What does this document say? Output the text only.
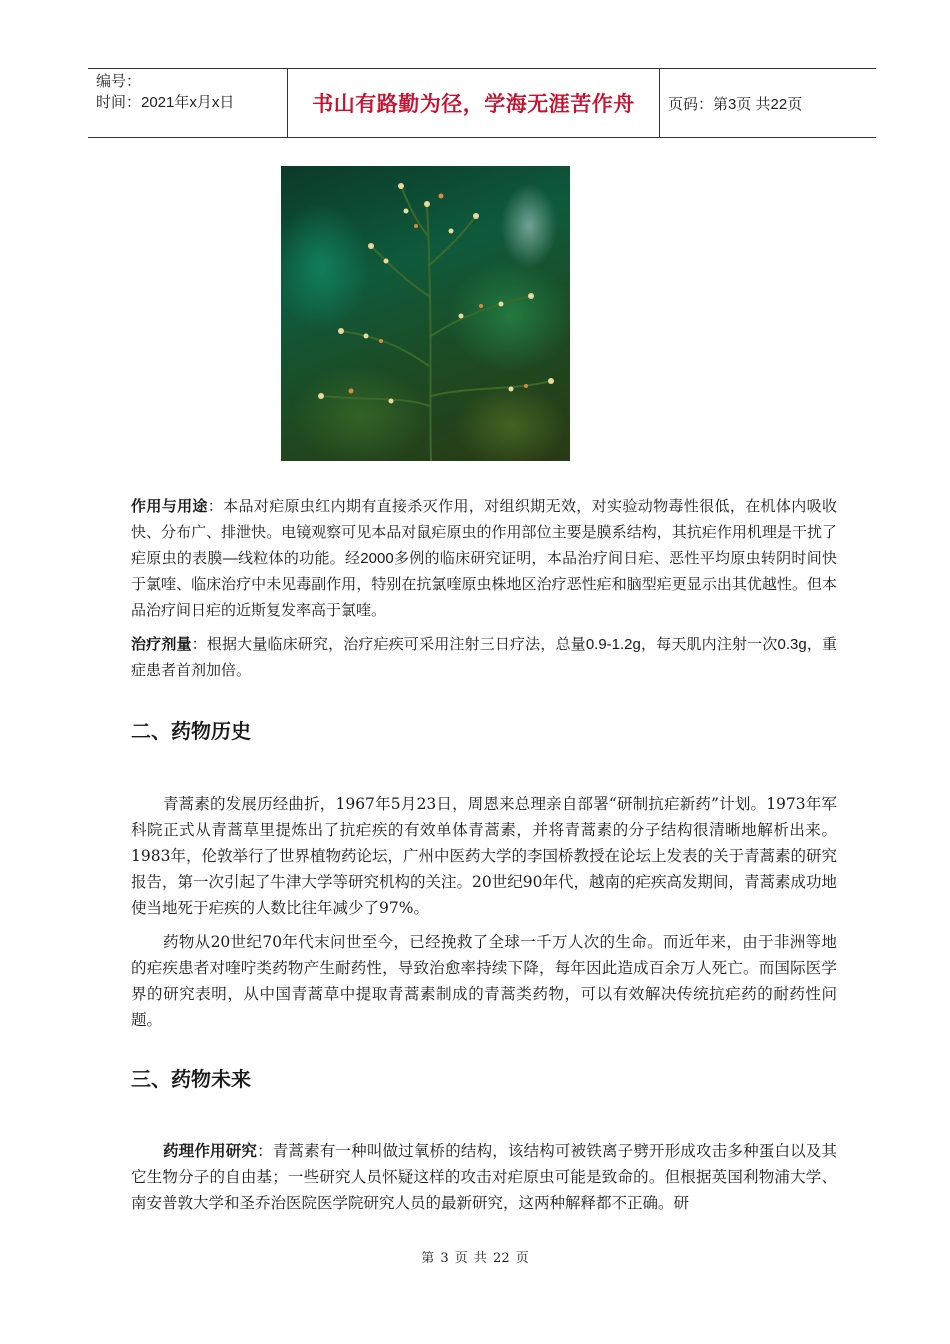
编号：
时间：2021年x月x日	书山有路勤为径，学海无涯苦作舟	页码：第3页 共22页

作用与用途：本品对疟原虫红内期有直接杀灭作用，对组织期无效，对实验动物毒性很低，在机体内吸收快、分布广、排泄快。电镜观察可见本品对鼠疟原虫的作用部位主要是膜系结构，其抗疟作用机理是干扰了疟原虫的表膜—线粒体的功能。经2000多例的临床研究证明，本品治疗间日疟、恶性平均原虫转阴时间快于氯喹、临床治疗中未见毒副作用，特别在抗氯喹原虫株地区治疗恶性疟和脑型疟更显示出其优越性。但本品治疗间日疟的近斯复发率高于氯喹。

治疗剂量：根据大量临床研究，治疗疟疾可采用注射三日疗法，总量0.9-1.2g，每天肌内注射一次0.3g，重症患者首剂加倍。

二、药物历史

青蒿素的发展历经曲折，1967年5月23日，周恩来总理亲自部署“研制抗疟新药”计划。1973年军科院正式从青蒿草里提炼出了抗疟疾的有效单体青蒿素，并将青蒿素的分子结构很清晰地解析出来。1983年，伦敦举行了世界植物药论坛，广州中医药大学的李国桥教授在论坛上发表的关于青蒿素的研究报告，第一次引起了牛津大学等研究机构的关注。20世纪90年代，越南的疟疾高发期间，青蒿素成功地使当地死于疟疾的人数比往年减少了97%。

药物从20世纪70年代末问世至今，已经挽救了全球一千万人次的生命。而近年来，由于非洲等地的疟疾患者对喹咛类药物产生耐药性，导致治愈率持续下降，每年因此造成百余万人死亡。而国际医学界的研究表明，从中国青蒿草中提取青蒿素制成的青蒿类药物，可以有效解决传统抗疟药的耐药性问题。

三、药物未来

药理作用研究：青蒿素有一种叫做过氧桥的结构，该结构可被铁离子劈开形成攻击多种蛋白以及其它生物分子的自由基；一些研究人员怀疑这样的攻击对疟原虫可能是致命的。但根据英国利物浦大学、南安普敦大学和圣乔治医院医学院研究人员的最新研究，这两种解释都不正确。研

第 3 页 共 22 页
